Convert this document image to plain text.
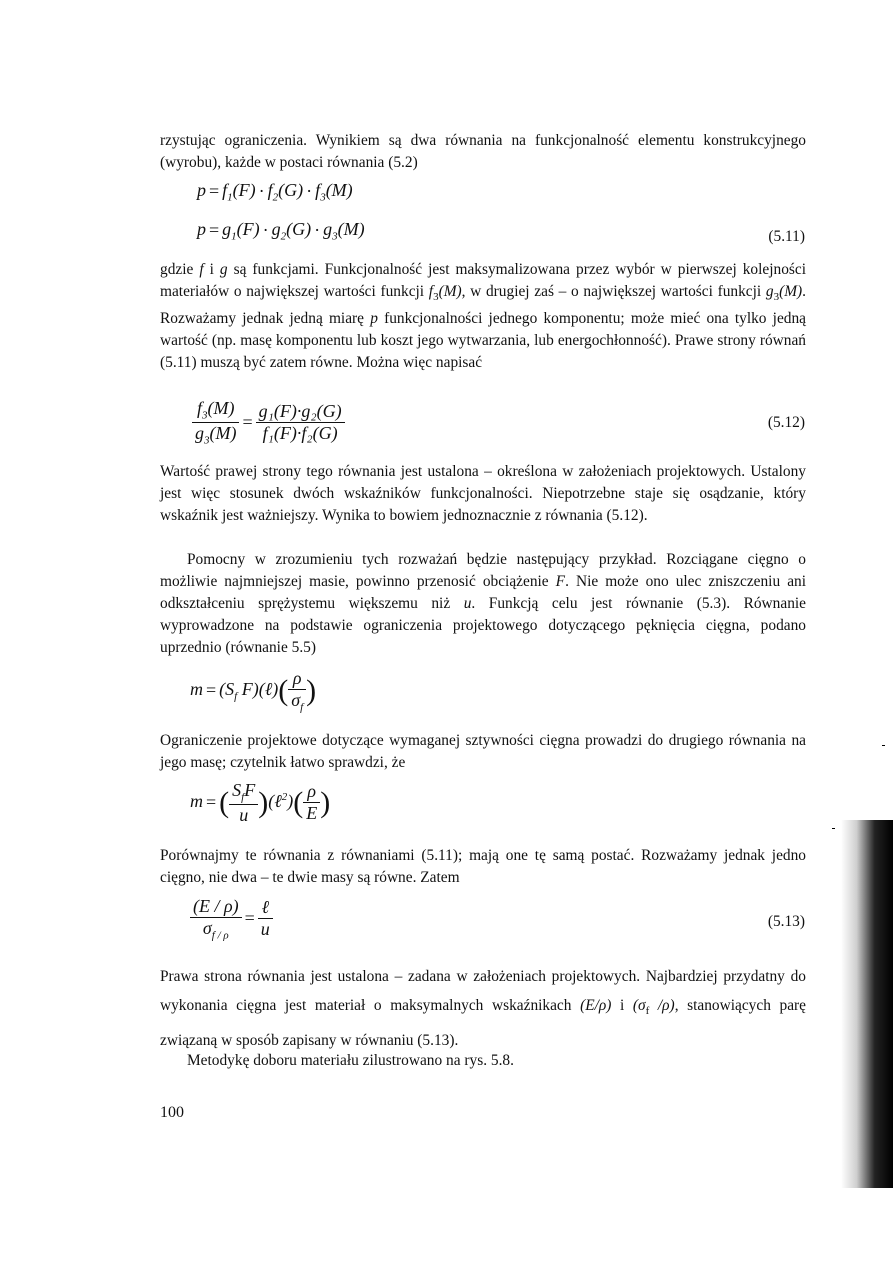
rzystując ograniczenia. Wynikiem są dwa równania na funkcjonalność elementu konstrukcyjnego (wyrobu), każde w postaci równania (5.2)

$p = f_1(F) \cdot f_2(G) \cdot f_3(M)$
$p = g_1(F) \cdot g_2(G) \cdot g_3(M)$	(5.11)

gdzie f i g są funkcjami. Funkcjonalność jest maksymalizowana przez wybór w pierwszej kolejności materiałów o największej wartości funkcji $f_3(M)$, w drugiej zaś – o największej wartości funkcji $g_3(M)$. Rozważamy jednak jedną miarę p funkcjonalności jednego komponentu; może mieć ona tylko jedną wartość (np. masę komponentu lub koszt jego wytwarzania, lub energochłonność). Prawe strony równań (5.11) muszą być zatem równe. Można więc napisać

$\frac{f_3(M)}{g_3(M)} = \frac{\text{g₁(F)·g₂(G)}}{\text{f₁(F)·f₂(G)}}$	(5.12)

Wartość prawej strony tego równania jest ustalona – określona w założeniach projektowych. Ustalony jest więc stosunek dwóch wskaźników funkcjonalności. Niepotrzebne staje się osądzanie, który wskaźnik jest ważniejszy. Wynika to bowiem jednoznacznie z równania (5.12).

Pomocny w zrozumieniu tych rozważań będzie następujący przykład. Rozciągane cięgno o możliwie najmniejszej masie, powinno przenosić obciążenie F. Nie może ono ulec zniszczeniu ani odkształceniu sprężystemu większemu niż u. Funkcją celu jest równanie (5.3). Równanie wyprowadzone na podstawie ograniczenia projektowego dotyczącego pęknięcia cięgna, podano uprzednio (równanie 5.5)

$m = (S_f$ F)(ℓ)( $\frac{\rho}{\sigma_f}$ )

Ograniczenie projektowe dotyczące wymaganej sztywności cięgna prowadzi do drugiego równania na jego masę; czytelnik łatwo sprawdzi, że

m = ( $\frac{S_fF}{u}$ )(ℓ$^2$)( $\frac{\rho}{E}$ )

Porównajmy te równania z równaniami (5.11); mają one tę samą postać. Rozważamy jednak jedno cięgno, nie dwa – te dwie masy są równe. Zatem

$\frac{(E / \rho)}{\sigma_{f / \rho}} = \frac{\text{ℓ}}{u}$	(5.13)

Prawa strona równania jest ustalona – zadana w założeniach projektowych. Najbardziej przydatny do wykonania cięgna jest materiał o maksymalnych wskaźnikach (E/ρ) i ($\sigma_f$ /ρ), stanowiących parę związaną w sposób zapisany w równaniu (5.13).

Metodykę doboru materiału zilustrowano na rys. 5.8.

100
